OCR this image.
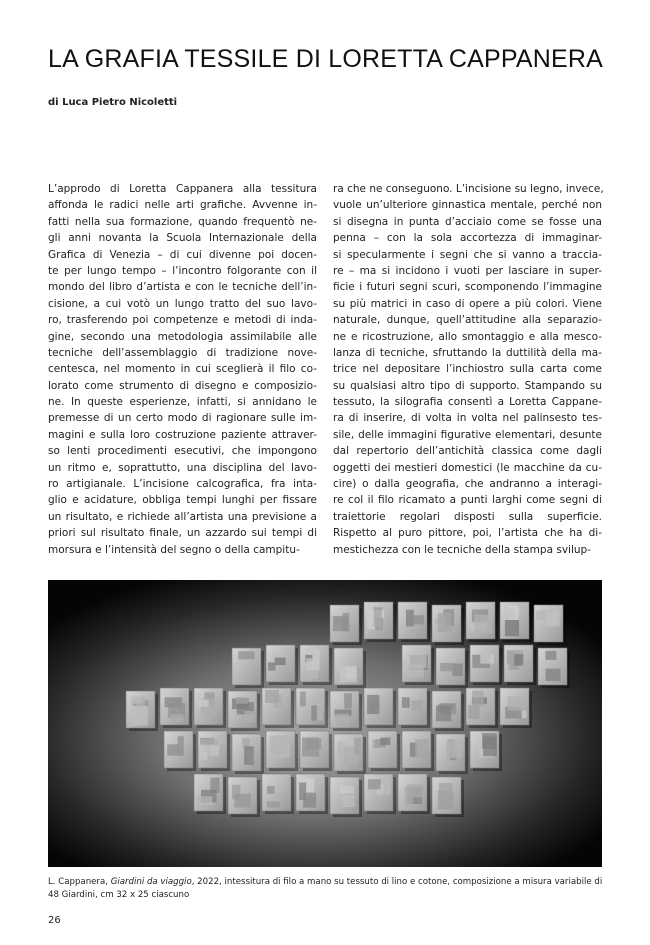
LA GRAFIA TESSILE DI LORETTA CAPPANERA
di Luca Pietro Nicoletti
L’approdo di Loretta Cappanera alla tessitura
affonda le radici nelle arti grafiche. Avvenne in-
fatti nella sua formazione, quando frequentò ne-
gli anni novanta la Scuola Internazionale della
Grafica di Venezia – di cui divenne poi docen-
te per lungo tempo – l’incontro folgorante con il
mondo del libro d’artista e con le tecniche dell’in-
cisione, a cui votò un lungo tratto del suo lavo-
ro, trasferendo poi competenze e metodi di inda-
gine, secondo una metodologia assimilabile alle
tecniche dell’assemblaggio di tradizione nove-
centesca, nel momento in cui sceglierà il filo co-
lorato come strumento di disegno e composizio-
ne. In queste esperienze, infatti, si annidano le
premesse di un certo modo di ragionare sulle im-
magini e sulla loro costruzione paziente attraver-
so lenti procedimenti esecutivi, che impongono
un ritmo e, soprattutto, una disciplina del lavo-
ro artigianale. L’incisione calcografica, fra inta-
glio e acidature, obbliga tempi lunghi per fissare
un risultato, e richiede all’artista una previsione a
priori sul risultato finale, un azzardo sui tempi di
morsura e l’intensità del segno o della campitu-
ra che ne conseguono. L’incisione su legno, invece,
vuole un’ulteriore ginnastica mentale, perché non
si disegna in punta d’acciaio come se fosse una
penna – con la sola accortezza di immaginar-
si specularmente i segni che si vanno a traccia-
re – ma si incidono i vuoti per lasciare in super-
ficie i futuri segni scuri, scomponendo l’immagine
su più matrici in caso di opere a più colori. Viene
naturale, dunque, quell’attitudine alla separazio-
ne e ricostruzione, allo smontaggio e alla mesco-
lanza di tecniche, sfruttando la duttilità della ma-
trice nel depositare l’inchiostro sulla carta come
su qualsiasi altro tipo di supporto. Stampando su
tessuto, la silografia consentì a Loretta Cappane-
ra di inserire, di volta in volta nel palinsesto tes-
sile, delle immagini figurative elementari, desunte
dal repertorio dell’antichità classica come dagli
oggetti dei mestieri domestici (le macchine da cu-
cire) o dalla geografia, che andranno a interagi-
re col il filo ricamato a punti larghi come segni di
traiettorie regolari disposti sulla superficie.
Rispetto al puro pittore, poi, l’artista che ha di-
mestichezza con le tecniche della stampa svilup-
L. Cappanera, Giardini da viaggio, 2022, intessitura di filo a mano su tessuto di lino e cotone, composizione a misura variabile di 48 Giardini, cm 32 x 25 ciascuno
26
